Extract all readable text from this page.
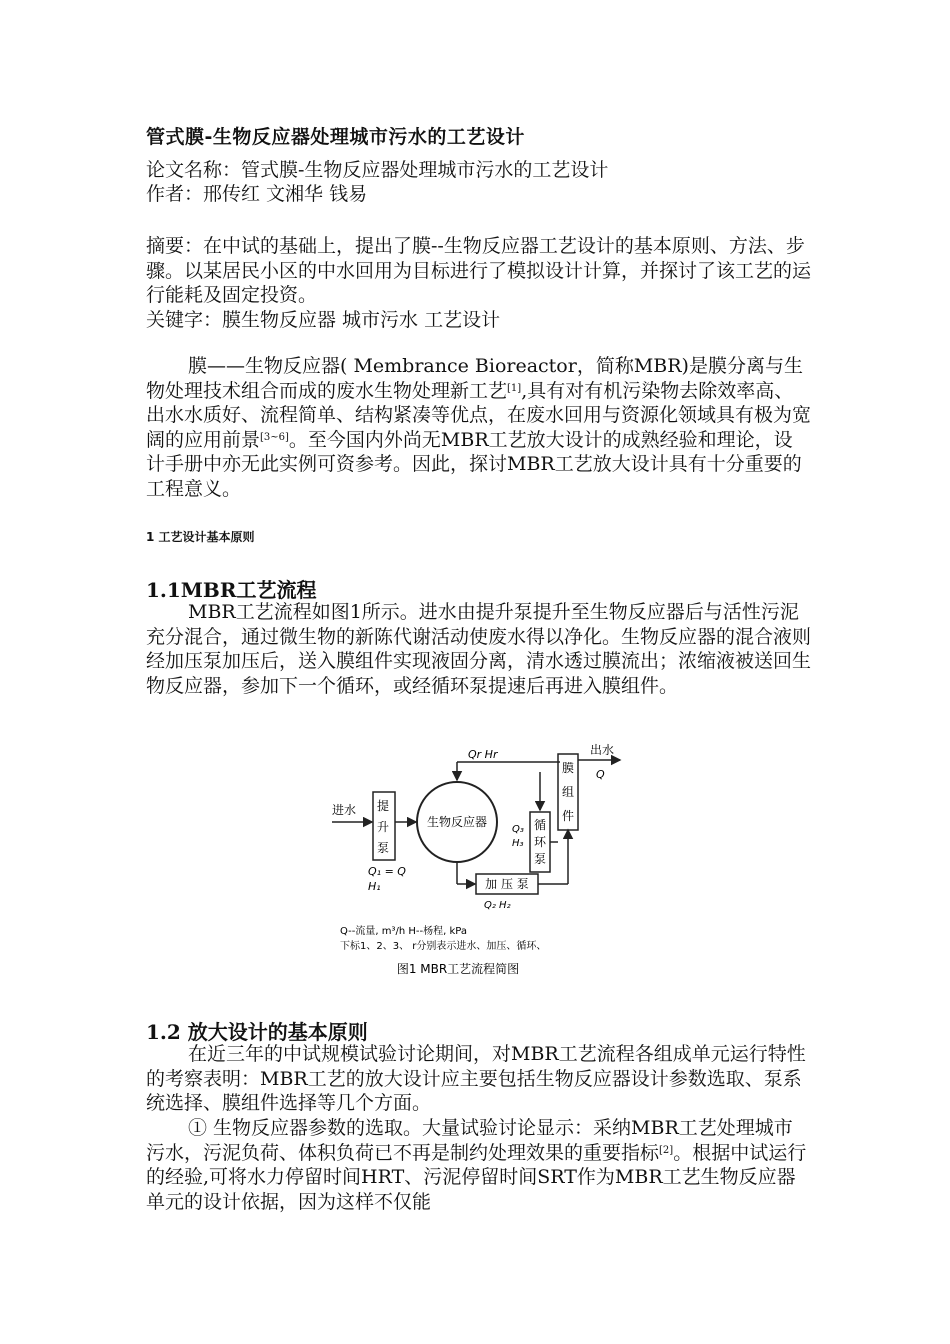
管式膜-生物反应器处理城市污水的工艺设计
论文名称：管式膜-生物反应器处理城市污水的工艺设计
作者：邢传红 文湘华 钱易
摘要：在中试的基础上，提出了膜--生物反应器工艺设计的基本原则、方法、步骤。以某居民小区的中水回用为目标进行了模拟设计计算，并探讨了该工艺的运行能耗及固定投资。
关键字：膜生物反应器 城市污水 工艺设计
膜——生物反应器( Membrance Bioreactor，简称MBR)是膜分离与生物处理技术组合而成的废水生物处理新工艺[1],具有对有机污染物去除效率高、出水水质好、流程简单、结构紧凑等优点，在废水回用与资源化领域具有极为宽阔的应用前景[3~6]。至今国内外尚无MBR工艺放大设计的成熟经验和理论，设计手册中亦无此实例可资参考。因此，探讨MBR工艺放大设计具有十分重要的工程意义。
1 工艺设计基本原则
1.1MBR工艺流程
MBR工艺流程如图1所示。进水由提升泵提升至生物反应器后与活性污泥充分混合，通过微生物的新陈代谢活动使废水得以净化。生物反应器的混合液则经加压泵加压后，送入膜组件实现液固分离，清水透过膜流出；浓缩液被送回生物反应器，参加下一个循环，或经循环泵提速后再进入膜组件。
进水 提
升
泵
Q₁ = Q
H₁
生物反应器
Qr Hr
加 压 泵
Q₂ H₂
循
环
泵
Q₃
H₃
膜
组
件
出水
Q
Q--流量, m³/h H--杨程, kPa
下标1、2、3、 r分别表示进水、加压、循环、
图1 MBR工艺流程简图
1.2 放大设计的基本原则
在近三年的中试规模试验讨论期间，对MBR工艺流程各组成单元运行特性的考察表明：MBR工艺的放大设计应主要包括生物反应器设计参数选取、泵系统选择、膜组件选择等几个方面。
① 生物反应器参数的选取。大量试验讨论显示：采纳MBR工艺处理城市污水，污泥负荷、体积负荷已不再是制约处理效果的重要指标[2]。根据中试运行的经验,可将水力停留时间HRT、污泥停留时间SRT作为MBR工艺生物反应器单元的设计依据，因为这样不仅能
